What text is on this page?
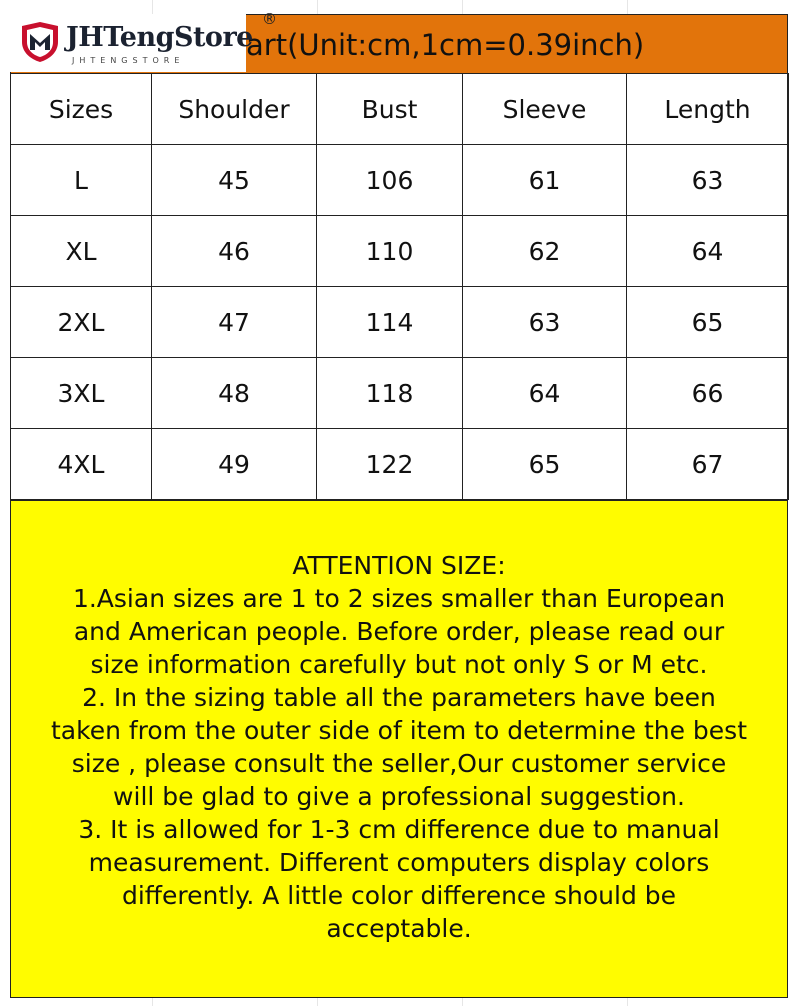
art(Unit:cm,1cm=0.39inch)
Sizes	Shoulder	Bust	Sleeve	Length
L	45	106	61	63
XL	46	110	62	64
2XL	47	114	63	65
3XL	48	118	64	66
4XL	49	122	65	67
ATTENTION SIZE:
1.Asian sizes are 1 to 2 sizes smaller than European
and American people. Before order, please read our
size information carefully but not only S or M etc.
2. In the sizing table all the parameters have been
taken from the outer side of item to determine the best
size , please consult the seller,Our customer service
will be glad to give a professional suggestion.
3. It is allowed for 1-3 cm difference due to manual
measurement. Different computers display colors
differently. A little color difference should be
acceptable.
JHTengStore
JHTENGSTORE
®
